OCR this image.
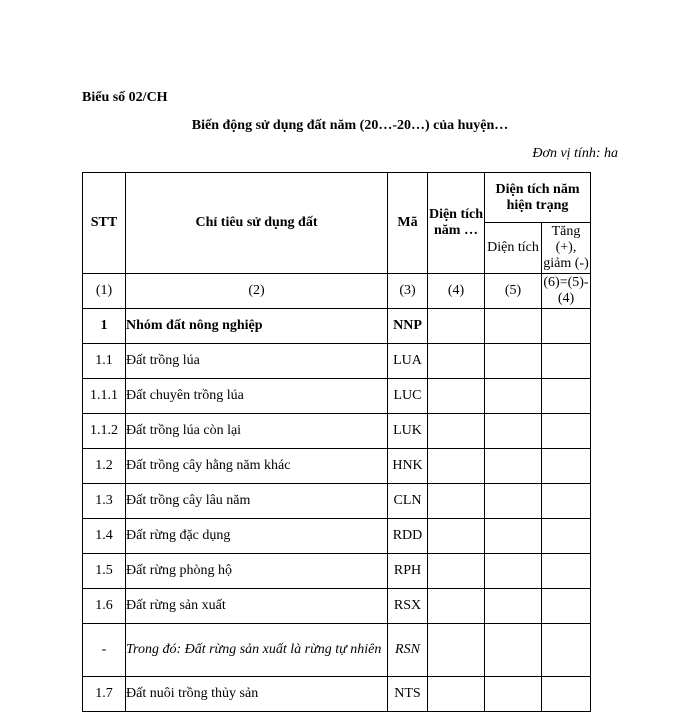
Biểu số 02/CH
Biến động sử dụng đất năm (20…-20…) của huyện…
Đơn vị tính: ha
STT	Chỉ tiêu sử dụng đất	Mã	Diện tích năm …	Diện tích năm hiện trạng	
				Diện tích	Tăng (+), giảm (-)
(1)	(2)	(3)	(4)	(5)	(6)=(5)-(4)
1	Nhóm đất nông nghiệp	NNP			
1.1	Đất trồng lúa	LUA			
1.1.1	Đất chuyên trồng lúa	LUC			
1.1.2	Đất trồng lúa còn lại	LUK			
1.2	Đất trồng cây hằng năm khác	HNK			
1.3	Đất trồng cây lâu năm	CLN			
1.4	Đất rừng đặc dụng	RDD			
1.5	Đất rừng phòng hộ	RPH			
1.6	Đất rừng sản xuất	RSX			
-	Trong đó: Đất rừng sản xuất là rừng tự nhiên	RSN			
1.7	Đất nuôi trồng thủy sản	NTS			
